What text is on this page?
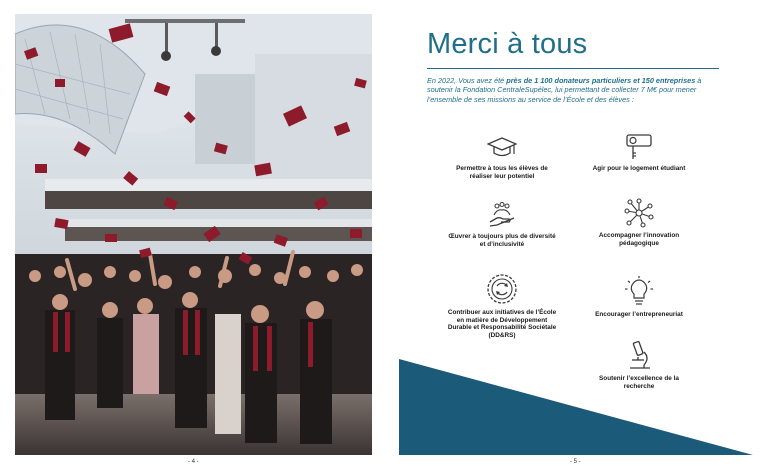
- 4 -
Merci à tous
En 2022, Vous avez été près de 1 100 donateurs particuliers et 150 entreprises à soutenir la Fondation CentraleSupélec, lui permettant de collecter 7 M€ pour mener l’ensemble de ses missions au service de l’École et des élèves :
Permettre à tous les élèves de réaliser leur potentiel
Agir pour le logement étudiant
Œuvrer à toujours plus de diversité et d’inclusivité
Accompagner l’innovation pédagogique
Contribuer aux initiatives de l’École en matière de Développement Durable et Responsabilité Sociétale (DD&RS)
Encourager l’entrepreneuriat
Soutenir l’excellence de la recherche
- 5 -
